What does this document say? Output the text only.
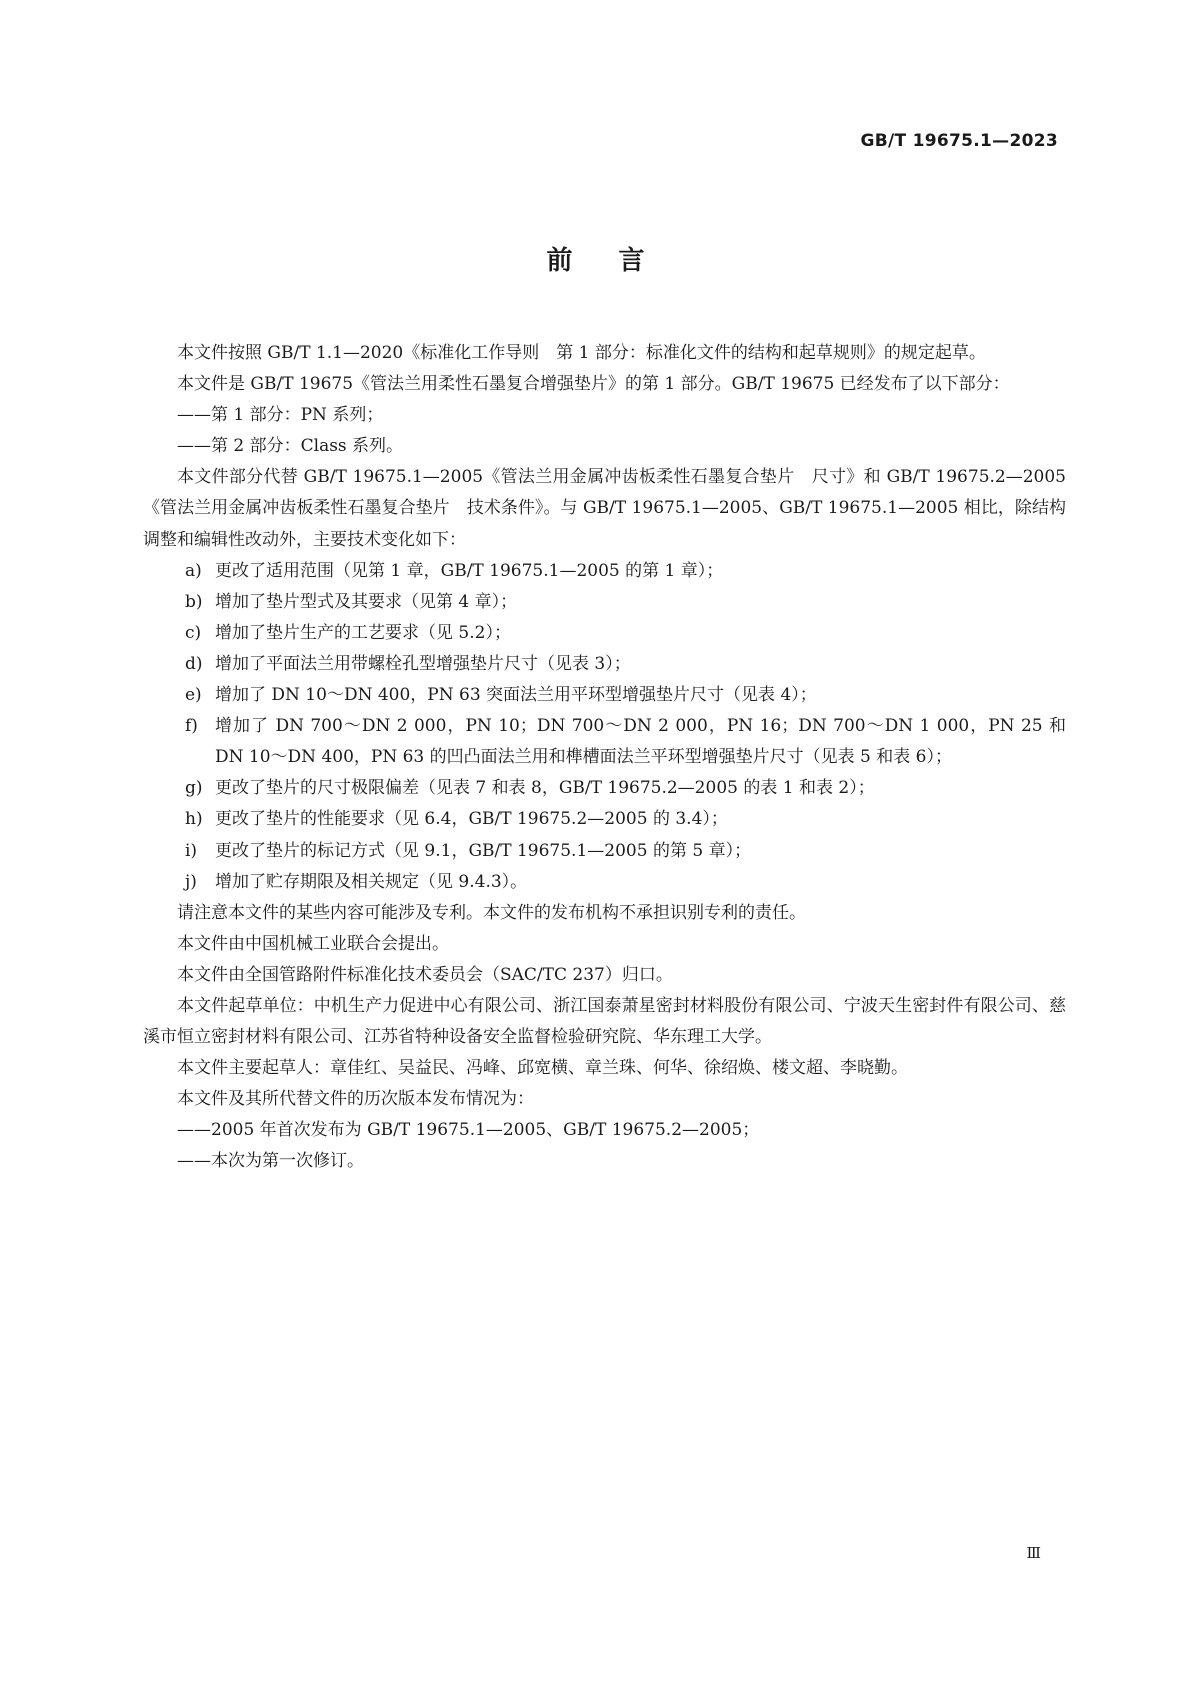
GB/T 19675.1—2023
前言

本文件按照 GB/T 1.1—2020《标准化工作导则　第 1 部分：标准化文件的结构和起草规则》的规定起草。

本文件是 GB/T 19675《管法兰用柔性石墨复合增强垫片》的第 1 部分。GB/T 19675 已经发布了以下部分：

——第 1 部分：PN 系列；

——第 2 部分：Class 系列。

本文件部分代替 GB/T 19675.1—2005《管法兰用金属冲齿板柔性石墨复合垫片　尺寸》和 GB/T 19675.2—2005《管法兰用金属冲齿板柔性石墨复合垫片　技术条件》。与 GB/T 19675.1—2005、GB/T 19675.1—2005 相比，除结构调整和编辑性改动外，主要技术变化如下：

a) 更改了适用范围（见第 1 章，GB/T 19675.1—2005 的第 1 章）；

b) 增加了垫片型式及其要求（见第 4 章）；

c) 增加了垫片生产的工艺要求（见 5.2）；

d) 增加了平面法兰用带螺栓孔型增强垫片尺寸（见表 3）；

e) 增加了 DN 10～DN 400，PN 63 突面法兰用平环型增强垫片尺寸（见表 4）；

f) 增加了 DN 700～DN 2 000，PN 10；DN 700～DN 2 000，PN 16；DN 700～DN 1 000，PN 25 和 DN 10～DN 400，PN 63 的凹凸面法兰用和榫槽面法兰平环型增强垫片尺寸（见表 5 和表 6）；

g) 更改了垫片的尺寸极限偏差（见表 7 和表 8，GB/T 19675.2—2005 的表 1 和表 2）；

h) 更改了垫片的性能要求（见 6.4，GB/T 19675.2—2005 的 3.4）；

i) 更改了垫片的标记方式（见 9.1，GB/T 19675.1—2005 的第 5 章）；

j) 增加了贮存期限及相关规定（见 9.4.3）。

请注意本文件的某些内容可能涉及专利。本文件的发布机构不承担识别专利的责任。

本文件由中国机械工业联合会提出。

本文件由全国管路附件标准化技术委员会（SAC/TC 237）归口。

本文件起草单位：中机生产力促进中心有限公司、浙江国泰萧星密封材料股份有限公司、宁波天生密封件有限公司、慈溪市恒立密封材料有限公司、江苏省特种设备安全监督检验研究院、华东理工大学。

本文件主要起草人：章佳红、吴益民、冯峰、邱宽横、章兰珠、何华、徐绍焕、楼文超、李晓勤。

本文件及其所代替文件的历次版本发布情况为：

——2005 年首次发布为 GB/T 19675.1—2005、GB/T 19675.2—2005；

——本次为第一次修订。

Ⅲ
